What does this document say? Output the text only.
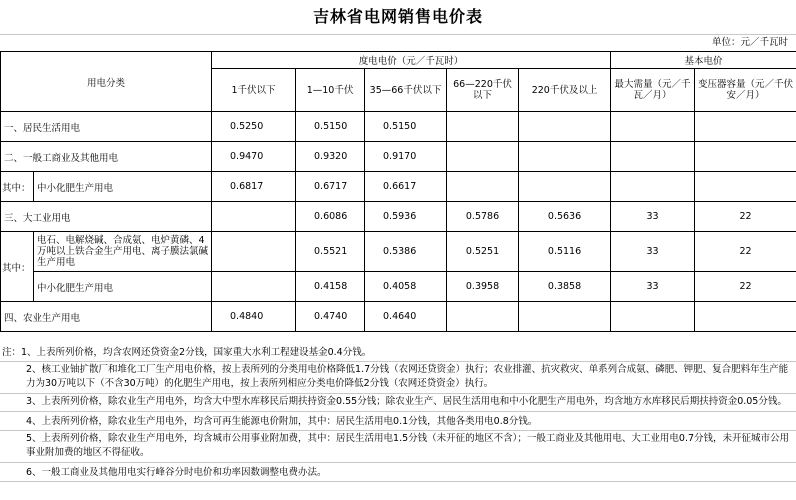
吉林省电网销售电价表
单位：元／千瓦时
用电分类		度电电价（元／千瓦时）					基本电价	
		1千伏以下	1—10千伏	35—66千伏以下	66—220千伏以下	220千伏及以上	最大需量（元／千瓦／月）	变压器容量（元／千伏安／月）
一、居民生活用电		0.5250	0.5150	0.5150				
二、一般工商业及其他用电		0.9470	0.9320	0.9170				
其中：	中小化肥生产用电	0.6817	0.6717	0.6617				
三、大工业用电			0.6086	0.5936	0.5786	0.5636	33	22
其中：	电石、电解烧碱、合成氨、电炉黄磷、4万吨以上铁合金生产用电、离子膜法氯碱生产用电		0.5521	0.5386	0.5251	0.5116	33	22
	中小化肥生产用电		0.4158	0.4058	0.3958	0.3858	33	22
四、农业生产用电		0.4840	0.4740	0.4640				
注：1、上表所列价格，均含农网还贷资金2分钱，国家重大水利工程建设基金0.4分钱。
2、核工业铀扩散厂和堆化工厂生产用电价格，按上表所列的分类用电价格降低1.7分钱（农网还贷资金）执行；农业排灌、抗灾救灾、单系列合成氨、磷肥、钾肥、复合肥料年生产能力为30万吨以下（不含30万吨）的化肥生产用电，按上表所列相应分类电价降低2分钱（农网还贷资金）执行。
3、上表所列价格，除农业生产用电外，均含大中型水库移民后期扶持资金0.55分钱；除农业生产、居民生活用电和中小化肥生产用电外，均含地方水库移民后期扶持资金0.05分钱。
4、上表所列价格，除农业生产用电外，均含可再生能源电价附加，其中：居民生活用电0.1分钱，其他各类用电0.8分钱。
5、上表所列价格，除农业生产用电外，均含城市公用事业附加费，其中：居民生活用电1.5分钱（未开征的地区不含）；一般工商业及其他用电、大工业用电0.7分钱，未开征城市公用事业附加费的地区不得征收。
6、一般工商业及其他用电实行峰谷分时电价和功率因数调整电费办法。
